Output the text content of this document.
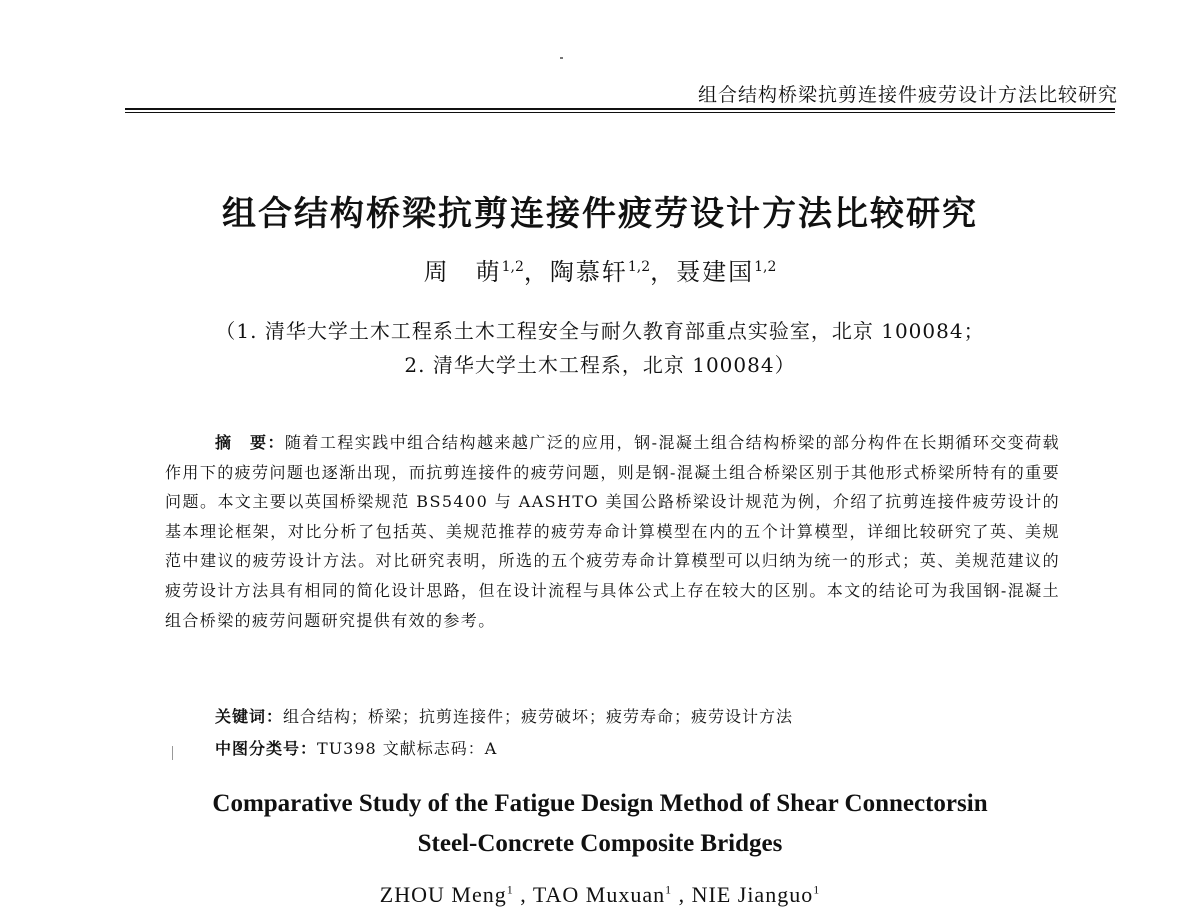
组合结构桥梁抗剪连接件疲劳设计方法比较研究
组合结构桥梁抗剪连接件疲劳设计方法比较研究
周　萌$^{1,2}$，陶慕轩$^{1,2}$，聂建国$^{1,2}$
（1. 清华大学土木工程系土木工程安全与耐久教育部重点实验室，北京 100084；
2. 清华大学土木工程系，北京 100084）
摘　要：随着工程实践中组合结构越来越广泛的应用，钢-混凝土组合结构桥梁的部分构件在长期循环交变荷载作用下的疲劳问题也逐渐出现，而抗剪连接件的疲劳问题，则是钢-混凝土组合桥梁区别于其他形式桥梁所特有的重要问题。本文主要以英国桥梁规范 BS5400 与 AASHTO 美国公路桥梁设计规范为例，介绍了抗剪连接件疲劳设计的基本理论框架，对比分析了包括英、美规范推荐的疲劳寿命计算模型在内的五个计算模型，详细比较研究了英、美规范中建议的疲劳设计方法。对比研究表明，所选的五个疲劳寿命计算模型可以归纳为统一的形式；英、美规范建议的疲劳设计方法具有相同的简化设计思路，但在设计流程与具体公式上存在较大的区别。本文的结论可为我国钢-混凝土组合桥梁的疲劳问题研究提供有效的参考。
关键词：组合结构；桥梁；抗剪连接件；疲劳破坏；疲劳寿命；疲劳设计方法
中图分类号：TU398 文献标志码：A
Comparative Study of the Fatigue Design Method of Shear Connectorsin
Steel-Concrete Composite Bridges
ZHOU Meng$^1$ , TAO Muxuan$^1$ , NIE Jianguo$^1$
